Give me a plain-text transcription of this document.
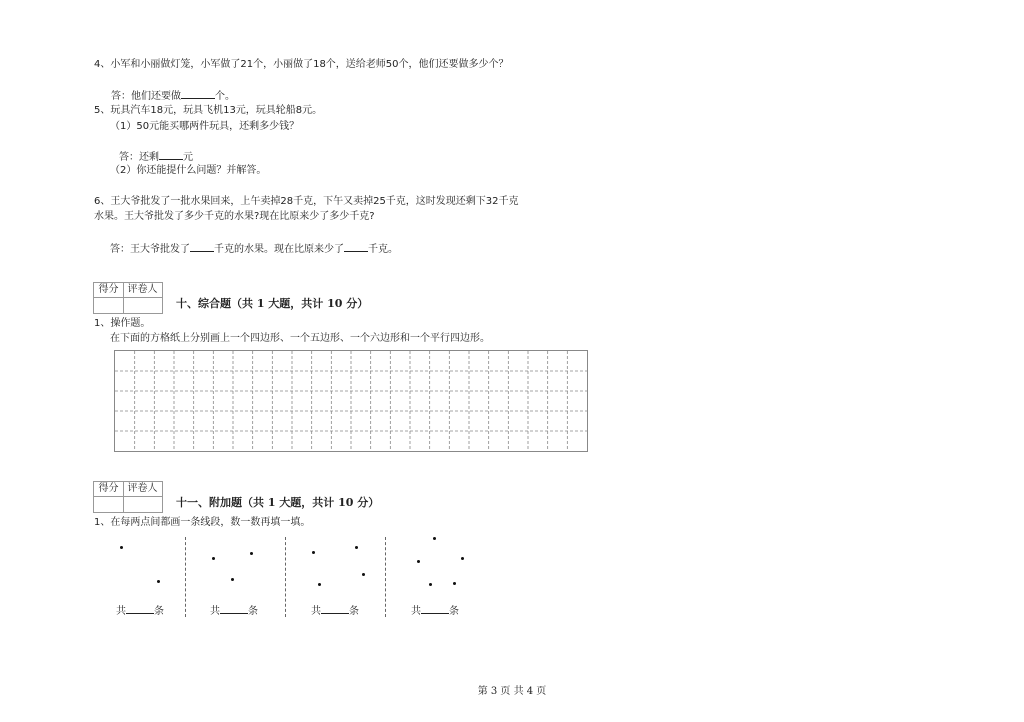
4、小军和小丽做灯笼，小军做了21个，小丽做了18个，送给老师50个，他们还要做多少个？
答：他们还要做	个。
5、玩具汽车18元，玩具飞机13元，玩具轮船8元。
（1）50元能买哪两件玩具，还剩多少钱？
答：还剩 元
（2）你还能提什么问题？并解答。
6、王大爷批发了一批水果回来，上午卖掉28千克，下午又卖掉25千克，这时发现还剩下32千克
水果。王大爷批发了多少千克的水果?现在比原来少了多少千克?
答：王大爷批发了 千克的水果。现在比原来少了 千克。
得分 评卷人
十、综合题（共 1 大题，共计 10 分）
1、操作题。
在下面的方格纸上分别画上一个四边形、一个五边形、一个六边形和一个平行四边形。
得分 评卷人
十一、附加题（共 1 大题，共计 10 分）
1、在每两点间都画一条线段，数一数再填一填。
共	条	共	条	共	条	共	条
第 3 页 共 4 页
